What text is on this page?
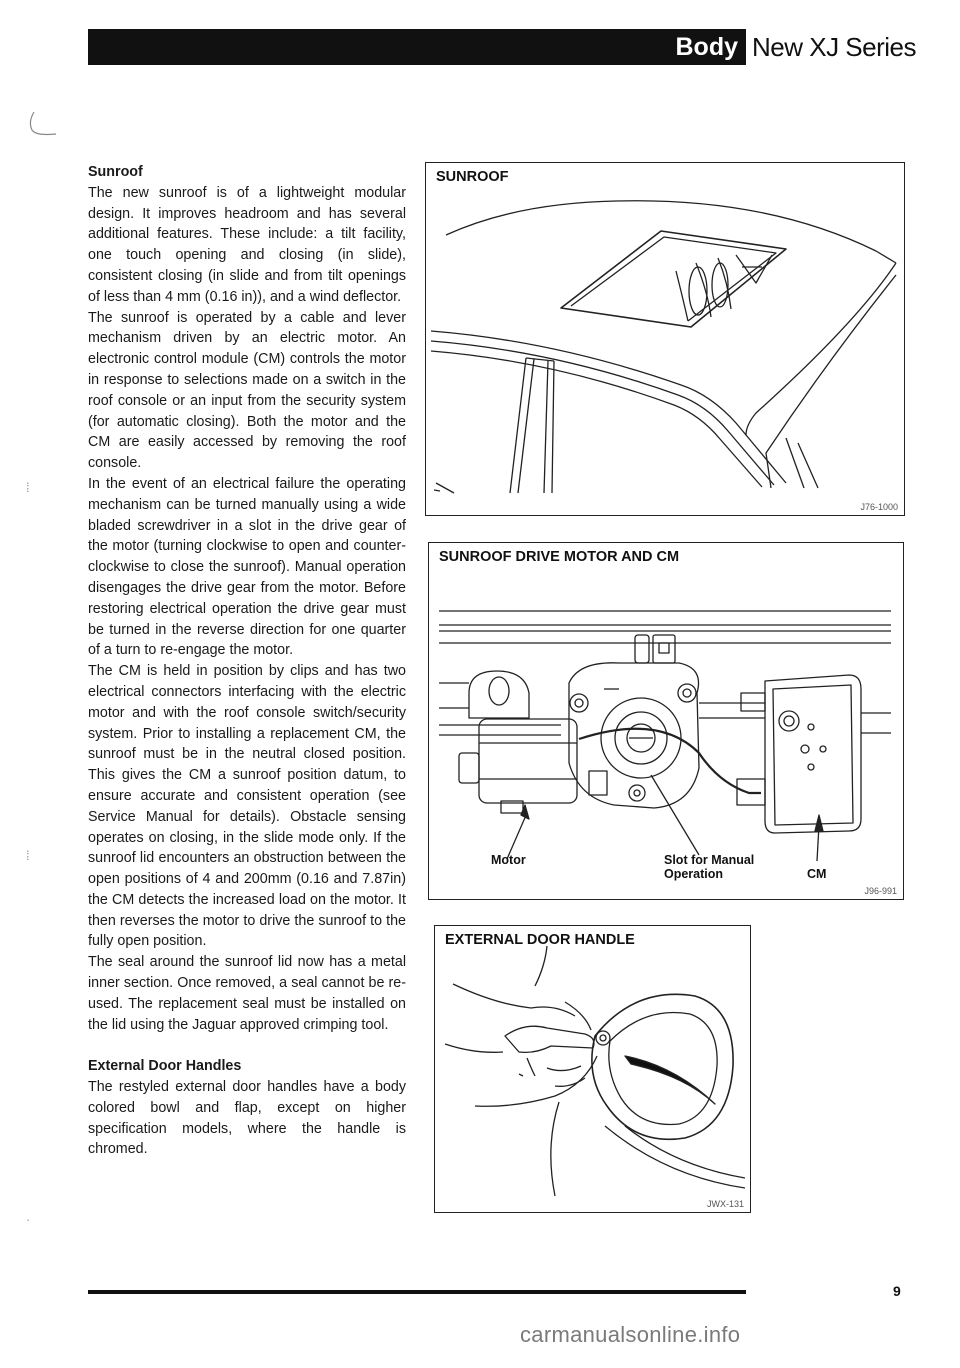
Body New XJ Series
⁞
⁞
·
Sunroof

The new sunroof is of a lightweight modular design. It improves headroom and has several additional features. These include: a tilt facility, one touch opening and closing (in slide), consistent closing (in slide and from tilt openings of less than 4 mm (0.16 in)), and a wind deflector.

The sunroof is operated by a cable and lever mechanism driven by an electric motor. An electronic control module (CM) controls the motor in response to selections made on a switch in the roof console or an input from the security system (for automatic closing). Both the motor and the CM are easily accessed by removing the roof console.

In the event of an electrical failure the operating mechanism can be turned manually using a wide bladed screwdriver in a slot in the drive gear of the motor (turning clockwise to open and counter-clockwise to close the sunroof). Manual operation disengages the drive gear from the motor. Before restoring electrical operation the drive gear must be turned in the reverse direction for one quarter of a turn to re-engage the motor.

The CM is held in position by clips and has two electrical connectors interfacing with the electric motor and with the roof console switch/security system. Prior to installing a replacement CM, the sunroof must be in the neutral closed position. This gives the CM a sunroof position datum, to ensure accurate and consistent operation (see Service Manual for details). Obstacle sensing operates on closing, in the slide mode only. If the sunroof lid encounters an obstruction between the open positions of 4 and 200mm (0.16 and 7.87in) the CM detects the increased load on the motor. It then reverses the motor to drive the sunroof to the fully open position.

The seal around the sunroof lid now has a metal inner section. Once removed, a seal cannot be re-used. The replacement seal must be installed on the lid using the Jaguar approved crimping tool.

External Door Handles

The restyled external door handles have a body colored bowl and flap, except on higher specification models, where the handle is chromed.

SUNROOF
J76-1000
SUNROOF DRIVE MOTOR AND CM
Motor	Slot for Manual
Operation	CM
J96-991
EXTERNAL DOOR HANDLE
JWX-131
9
carmanualsonline.info
